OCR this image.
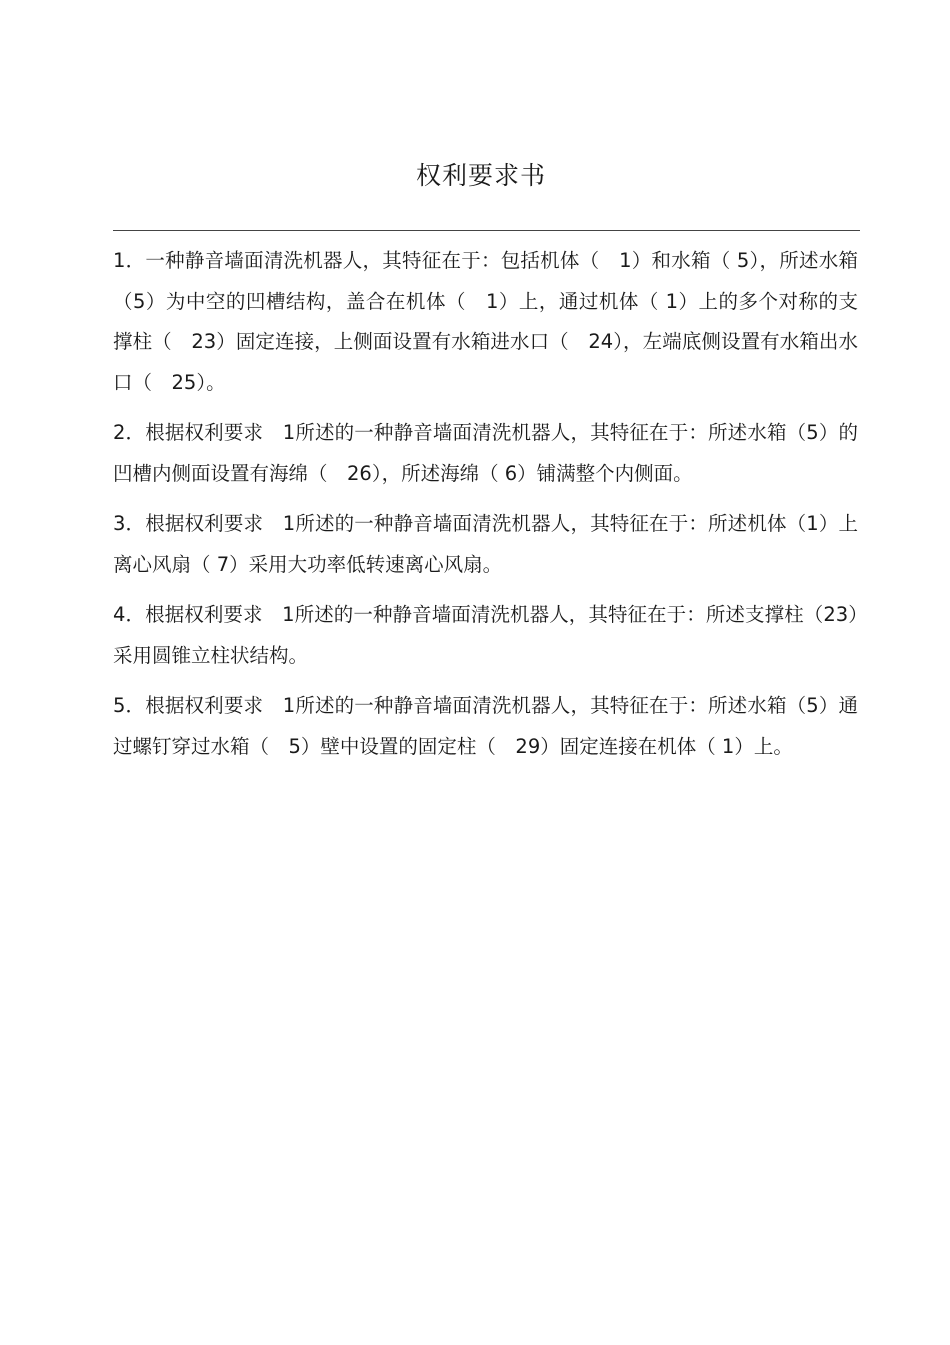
权利要求书

1．一种静音墙面清洗机器人，其特征在于：包括机体（　1）和水箱（ 5），所述水箱（5）为中空的凹槽结构，盖合在机体（　1）上，通过机体（ 1）上的多个对称的支撑柱（　23）固定连接，上侧面设置有水箱进水口（　24），左端底侧设置有水箱出水口（　25）。

2．根据权利要求　1所述的一种静音墙面清洗机器人，其特征在于：所述水箱（5）的凹槽内侧面设置有海绵（　26），所述海绵（ 6）铺满整个内侧面。

3．根据权利要求　1所述的一种静音墙面清洗机器人，其特征在于：所述机体（1）上离心风扇（ 7）采用大功率低转速离心风扇。

4．根据权利要求　1所述的一种静音墙面清洗机器人，其特征在于：所述支撑柱（23）采用圆锥立柱状结构。

5．根据权利要求　1所述的一种静音墙面清洗机器人，其特征在于：所述水箱（5）通过螺钉穿过水箱（　5）壁中设置的固定柱（　29）固定连接在机体（ 1）上。
